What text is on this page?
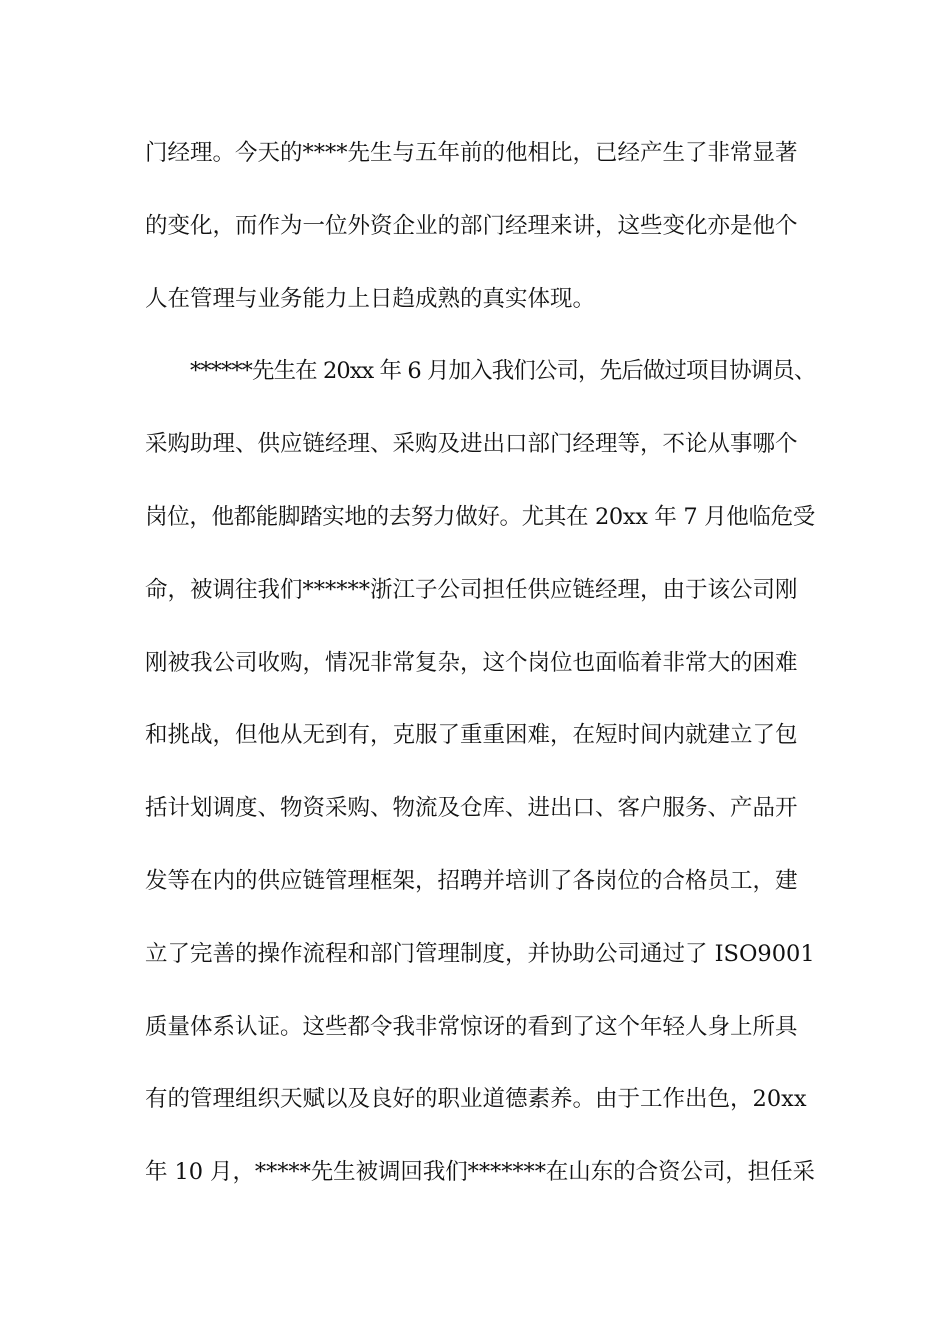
门经理。今天的****先生与五年前的他相比，已经产生了非常显著
的变化，而作为一位外资企业的部门经理来讲，这些变化亦是他个
人在管理与业务能力上日趋成熟的真实体现。
******先生在 20xx 年 6 月加入我们公司，先后做过项目协调员、
采购助理、供应链经理、采购及进出口部门经理等，不论从事哪个
岗位，他都能脚踏实地的去努力做好。尤其在 20xx 年 7 月他临危受
命，被调往我们******浙江子公司担任供应链经理，由于该公司刚
刚被我公司收购，情况非常复杂，这个岗位也面临着非常大的困难
和挑战，但他从无到有，克服了重重困难，在短时间内就建立了包
括计划调度、物资采购、物流及仓库、进出口、客户服务、产品开
发等在内的供应链管理框架，招聘并培训了各岗位的合格员工，建
立了完善的操作流程和部门管理制度，并协助公司通过了 ISO9001
质量体系认证。这些都令我非常惊讶的看到了这个年轻人身上所具
有的管理组织天赋以及良好的职业道德素养。由于工作出色，20xx
年 10 月，*****先生被调回我们*******在山东的合资公司，担任采
